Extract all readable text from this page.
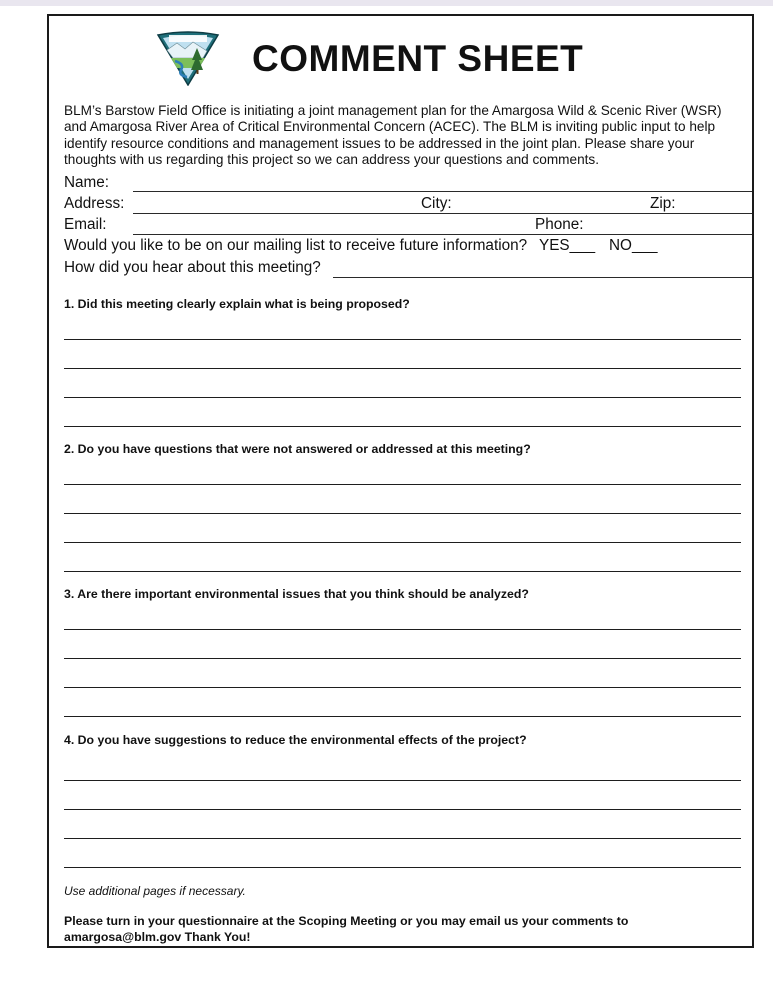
COMMENT SHEET
BLM’s Barstow Field Office is initiating a joint management plan for the Amargosa Wild & Scenic River (WSR) and Amargosa River Area of Critical Environmental Concern (ACEC). The BLM is inviting public input to help identify resource conditions and management issues to be addressed in the joint plan. Please share your thoughts with us regarding this project so we can address your questions and comments.
Name:
Address:	City:	Zip:
Email:	Phone:
Would you like to be on our mailing list to receive future information? YES___ NO___
How did you hear about this meeting?
1. Did this meeting clearly explain what is being proposed?
2. Do you have questions that were not answered or addressed at this meeting?
3. Are there important environmental issues that you think should be analyzed?
4. Do you have suggestions to reduce the environmental effects of the project?
Use additional pages if necessary.
Please turn in your questionnaire at the Scoping Meeting or you may email us your comments to amargosa@blm.gov Thank You!
